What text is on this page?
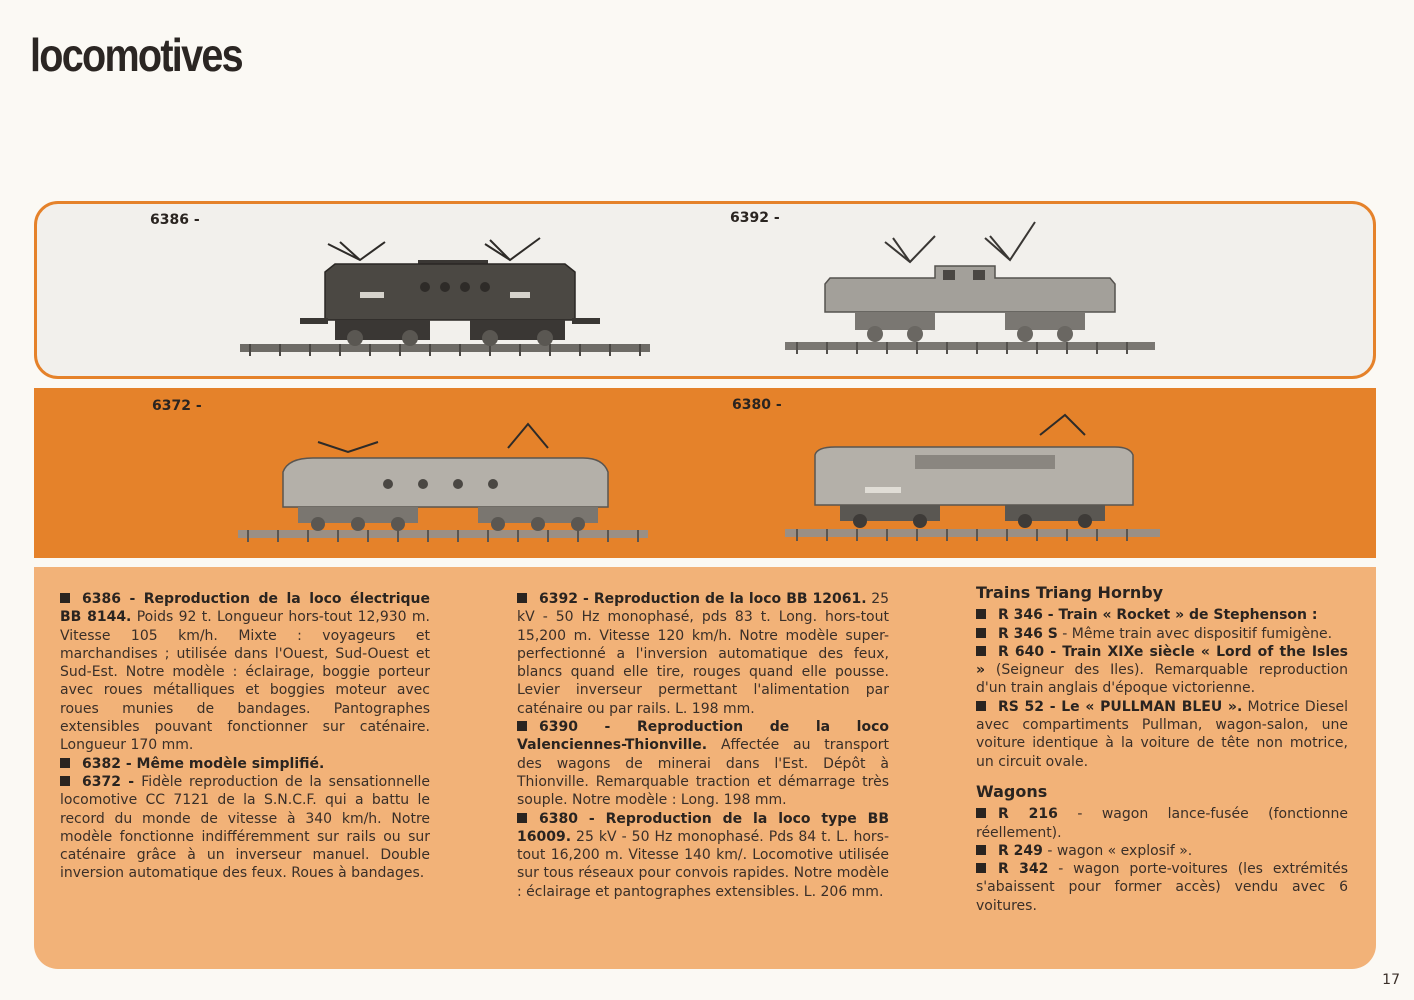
locomotives
6386 -	6392 -
6372 -	6380 -

6386 - Reproduction de la loco électrique BB 8144. Poids 92 t. Longueur hors-tout 12,930 m. Vitesse 105 km/h. Mixte : voyageurs et marchandises ; utilisée dans l'Ouest, Sud-Ouest et Sud-Est. Notre modèle : éclairage, boggie porteur avec roues métalliques et boggies moteur avec roues munies de bandages. Pantographes extensibles pouvant fonctionner sur caténaire. Longueur 170 mm.

6382 - Même modèle simplifié.

6372 - Fidèle reproduction de la sensationnelle locomotive CC 7121 de la S.N.C.F. qui a battu le record du monde de vitesse à 340 km/h. Notre modèle fonctionne indifféremment sur rails ou sur caténaire grâce à un inverseur manuel. Double inversion automatique des feux. Roues à bandages.

6392 - Reproduction de la loco BB 12061. 25 kV - 50 Hz monophasé, pds 83 t. Long. hors-tout 15,200 m. Vitesse 120 km/h. Notre modèle super-perfectionné a l'inversion automatique des feux, blancs quand elle tire, rouges quand elle pousse. Levier inverseur permettant l'alimentation par caténaire ou par rails. L. 198 mm.

6390 - Reproduction de la loco Valenciennes-Thionville. Affectée au transport des wagons de minerai dans l'Est. Dépôt à Thionville. Remarquable traction et démarrage très souple. Notre modèle : Long. 198 mm.

6380 - Reproduction de la loco type BB 16009. 25 kV - 50 Hz monophasé. Pds 84 t. L. hors-tout 16,200 m. Vitesse 140 km/. Locomotive utilisée sur tous réseaux pour convois rapides. Notre modèle : éclairage et pantographes extensibles. L. 206 mm.

Trains Triang Hornby

R 346 - Train « Rocket » de Stephenson :

R 346 S - Même train avec dispositif fumigène.

R 640 - Train XIXe siècle « Lord of the Isles » (Seigneur des Iles). Remarquable reproduction d'un train anglais d'époque victorienne.

RS 52 - Le « PULLMAN BLEU ». Motrice Diesel avec compartiments Pullman, wagon-salon, une voiture identique à la voiture de tête non motrice, un circuit ovale.

Wagons

R 216 - wagon lance-fusée (fonctionne réellement).

R 249 - wagon « explosif ».

R 342 - wagon porte-voitures (les extrémités s'abaissent pour former accès) vendu avec 6 voitures.

17
